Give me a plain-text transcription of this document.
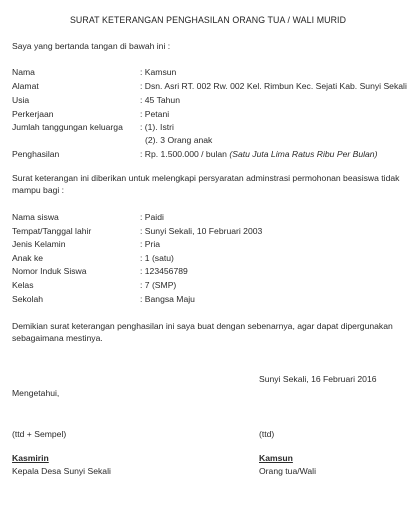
SURAT KETERANGAN PENGHASILAN ORANG TUA / WALI MURID
Saya yang bertanda tangan di bawah ini :
Nama	: Kamsun
Alamat	: Dsn. Asri RT. 002 Rw. 002 Kel. Rimbun Kec. Sejati Kab. Sunyi Sekali
Usia	: 45 Tahun
Perkerjaan	: Petani
Jumlah tanggungan keluarga : (1). Istri
(2). 3 Orang anak
Penghasilan	: Rp. 1.500.000 / bulan (Satu Juta Lima Ratus Ribu Per Bulan)
Surat keterangan ini diberikan untuk melengkapi persyaratan adminstrasi permohonan beasiswa tidak mampu bagi :
Nama siswa	: Paidi
Tempat/Tanggal lahir	: Sunyi Sekali, 10 Februari 2003
Jenis Kelamin	: Pria
Anak ke	: 1 (satu)
Nomor Induk Siswa	: 123456789
Kelas	: 7 (SMP)
Sekolah	: Bangsa Maju
Demikian surat keterangan penghasilan ini saya buat dengan sebenarnya, agar dapat dipergunakan sebagaimana mestinya.
Sunyi Sekali, 16 Februari 2016
Mengetahui,
(ttd + Sempel)	(ttd)
Kasmirin	Kamsun
Kepala Desa Sunyi Sekali	Orang tua/Wali
